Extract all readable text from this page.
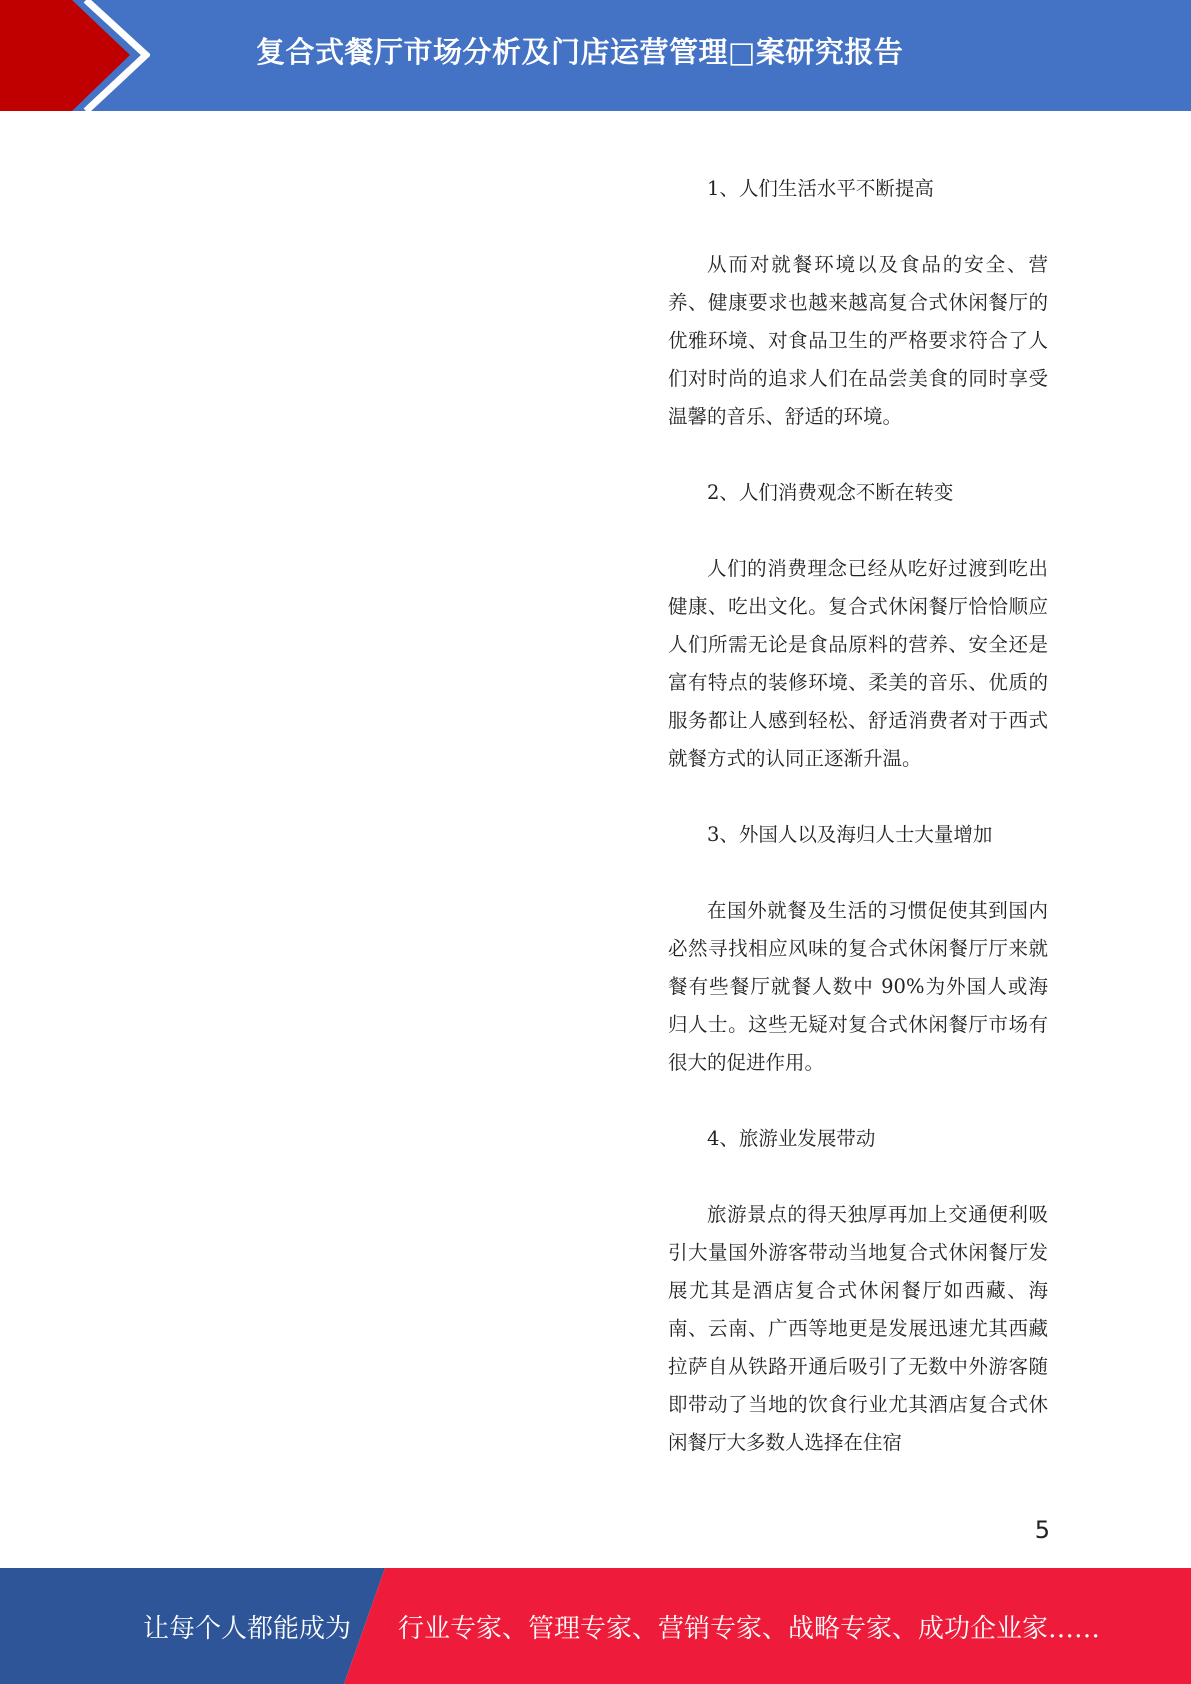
复合式餐厅市场分析及门店运营管理□案研究报告

1、人们生活水平不断提高

从而对就餐环境以及食品的安全、营养、健康要求也越来越高复合式休闲餐厅的优雅环境、对食品卫生的严格要求符合了人们对时尚的追求人们在品尝美食的同时享受温馨的音乐、舒适的环境。

2、人们消费观念不断在转变

人们的消费理念已经从吃好过渡到吃出健康、吃出文化。复合式休闲餐厅恰恰顺应人们所需无论是食品原料的营养、安全还是富有特点的装修环境、柔美的音乐、优质的服务都让人感到轻松、舒适消费者对于西式就餐方式的认同正逐渐升温。

3、外国人以及海归人士大量增加

在国外就餐及生活的习惯促使其到国内必然寻找相应风味的复合式休闲餐厅厅来就餐有些餐厅就餐人数中 90%为外国人或海归人士。这些无疑对复合式休闲餐厅市场有很大的促进作用。

4、旅游业发展带动

旅游景点的得天独厚再加上交通便利吸引大量国外游客带动当地复合式休闲餐厅发展尤其是酒店复合式休闲餐厅如西藏、海南、云南、广西等地更是发展迅速尤其西藏拉萨自从铁路开通后吸引了无数中外游客随即带动了当地的饮食行业尤其酒店复合式休闲餐厅大多数人选择在住宿

5
让每个人都能成为 行业专家、管理专家、营销专家、战略专家、成功企业家……
